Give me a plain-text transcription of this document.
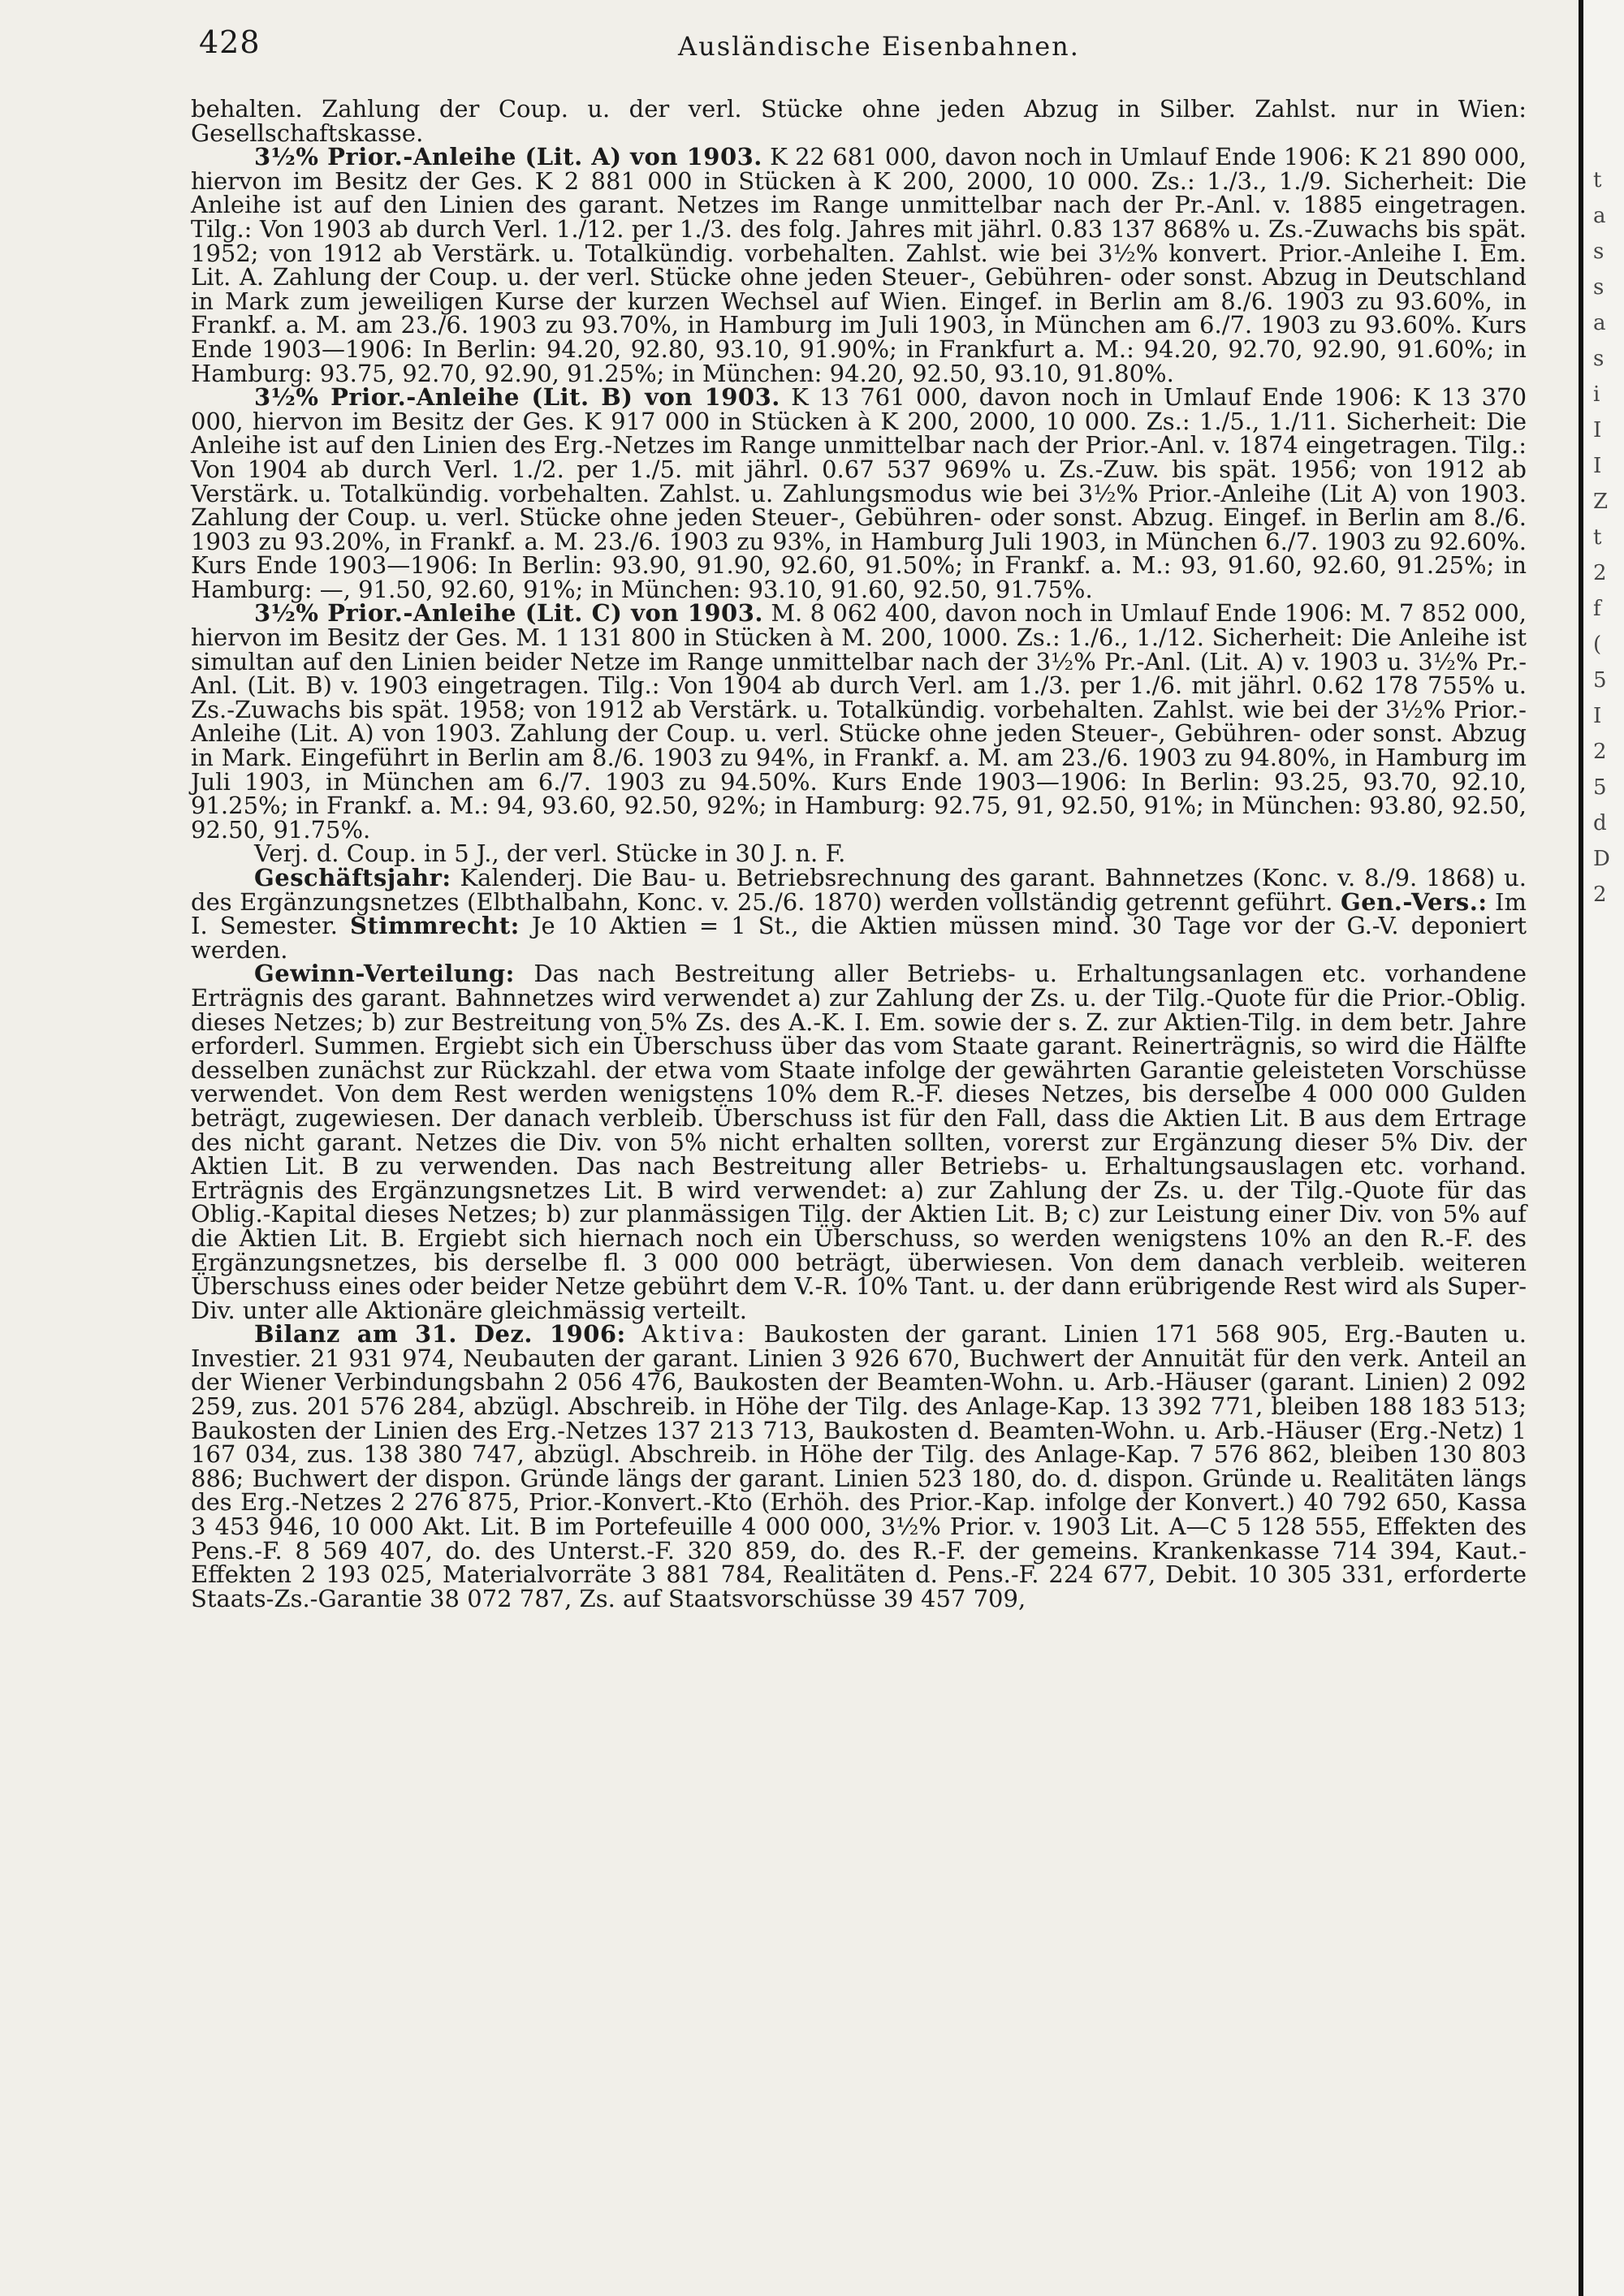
428	Ausländische Eisenbahnen.

behalten. Zahlung der Coup. u. der verl. Stücke ohne jeden Abzug in Silber. Zahlst. nur in Wien: Gesellschaftskasse.

3½% Prior.-Anleihe (Lit. A) von 1903. K 22 681 000, davon noch in Umlauf Ende 1906: K 21 890 000, hiervon im Besitz der Ges. K 2 881 000 in Stücken à K 200, 2000, 10 000. Zs.: 1./3., 1./9. Sicherheit: Die Anleihe ist auf den Linien des garant. Netzes im Range unmittelbar nach der Pr.-Anl. v. 1885 eingetragen. Tilg.: Von 1903 ab durch Verl. 1./12. per 1./3. des folg. Jahres mit jährl. 0.83 137 868% u. Zs.-Zuwachs bis spät. 1952; von 1912 ab Verstärk. u. Totalkündig. vorbehalten. Zahlst. wie bei 3½% konvert. Prior.-Anleihe I. Em. Lit. A. Zahlung der Coup. u. der verl. Stücke ohne jeden Steuer-, Gebühren- oder sonst. Abzug in Deutschland in Mark zum jeweiligen Kurse der kurzen Wechsel auf Wien. Eingef. in Berlin am 8./6. 1903 zu 93.60%, in Frankf. a. M. am 23./6. 1903 zu 93.70%, in Hamburg im Juli 1903, in München am 6./7. 1903 zu 93.60%. Kurs Ende 1903—1906: In Berlin: 94.20, 92.80, 93.10, 91.90%; in Frankfurt a. M.: 94.20, 92.70, 92.90, 91.60%; in Hamburg: 93.75, 92.70, 92.90, 91.25%; in München: 94.20, 92.50, 93.10, 91.80%.

3½% Prior.-Anleihe (Lit. B) von 1903. K 13 761 000, davon noch in Umlauf Ende 1906: K 13 370 000, hiervon im Besitz der Ges. K 917 000 in Stücken à K 200, 2000, 10 000. Zs.: 1./5., 1./11. Sicherheit: Die Anleihe ist auf den Linien des Erg.-Netzes im Range unmittelbar nach der Prior.-Anl. v. 1874 eingetragen. Tilg.: Von 1904 ab durch Verl. 1./2. per 1./5. mit jährl. 0.67 537 969% u. Zs.-Zuw. bis spät. 1956; von 1912 ab Verstärk. u. Totalkündig. vorbehalten. Zahlst. u. Zahlungsmodus wie bei 3½% Prior.-Anleihe (Lit A) von 1903. Zahlung der Coup. u. verl. Stücke ohne jeden Steuer-, Gebühren- oder sonst. Abzug. Eingef. in Berlin am 8./6. 1903 zu 93.20%, in Frankf. a. M. 23./6. 1903 zu 93%, in Hamburg Juli 1903, in München 6./7. 1903 zu 92.60%. Kurs Ende 1903—1906: In Berlin: 93.90, 91.90, 92.60, 91.50%; in Frankf. a. M.: 93, 91.60, 92.60, 91.25%; in Hamburg: —, 91.50, 92.60, 91%; in München: 93.10, 91.60, 92.50, 91.75%.

3½% Prior.-Anleihe (Lit. C) von 1903. M. 8 062 400, davon noch in Umlauf Ende 1906: M. 7 852 000, hiervon im Besitz der Ges. M. 1 131 800 in Stücken à M. 200, 1000. Zs.: 1./6., 1./12. Sicherheit: Die Anleihe ist simultan auf den Linien beider Netze im Range unmittelbar nach der 3½% Pr.-Anl. (Lit. A) v. 1903 u. 3½% Pr.-Anl. (Lit. B) v. 1903 eingetragen. Tilg.: Von 1904 ab durch Verl. am 1./3. per 1./6. mit jährl. 0.62 178 755% u. Zs.-Zuwachs bis spät. 1958; von 1912 ab Verstärk. u. Totalkündig. vorbehalten. Zahlst. wie bei der 3½% Prior.-Anleihe (Lit. A) von 1903. Zahlung der Coup. u. verl. Stücke ohne jeden Steuer-, Gebühren- oder sonst. Abzug in Mark. Eingeführt in Berlin am 8./6. 1903 zu 94%, in Frankf. a. M. am 23./6. 1903 zu 94.80%, in Hamburg im Juli 1903, in München am 6./7. 1903 zu 94.50%. Kurs Ende 1903—1906: In Berlin: 93.25, 93.70, 92.10, 91.25%; in Frankf. a. M.: 94, 93.60, 92.50, 92%; in Hamburg: 92.75, 91, 92.50, 91%; in München: 93.80, 92.50, 92.50, 91.75%.

Verj. d. Coup. in 5 J., der verl. Stücke in 30 J. n. F.

Geschäftsjahr: Kalenderj. Die Bau- u. Betriebsrechnung des garant. Bahnnetzes (Konc. v. 8./9. 1868) u. des Ergänzungsnetzes (Elbthalbahn, Konc. v. 25./6. 1870) werden vollständig getrennt geführt. Gen.-Vers.: Im I. Semester. Stimmrecht: Je 10 Aktien = 1 St., die Aktien müssen mind. 30 Tage vor der G.-V. deponiert werden.

Gewinn-Verteilung: Das nach Bestreitung aller Betriebs- u. Erhaltungsanlagen etc. vorhandene Erträgnis des garant. Bahnnetzes wird verwendet a) zur Zahlung der Zs. u. der Tilg.-Quote für die Prior.-Oblig. dieses Netzes; b) zur Bestreitung von 5% Zs. des A.-K. I. Em. sowie der s. Z. zur Aktien-Tilg. in dem betr. Jahre erforderl. Summen. Ergiebt sich ein Überschuss über das vom Staate garant. Reinerträgnis, so wird die Hälfte desselben zunächst zur Rückzahl. der etwa vom Staate infolge der gewährten Garantie geleisteten Vorschüsse verwendet. Von dem Rest werden wenigstens 10% dem R.-F. dieses Netzes, bis derselbe 4 000 000 Gulden beträgt, zugewiesen. Der danach verbleib. Überschuss ist für den Fall, dass die Aktien Lit. B aus dem Ertrage des nicht garant. Netzes die Div. von 5% nicht erhalten sollten, vorerst zur Ergänzung dieser 5% Div. der Aktien Lit. B zu verwenden. Das nach Bestreitung aller Betriebs- u. Erhaltungsauslagen etc. vorhand. Erträgnis des Ergänzungsnetzes Lit. B wird verwendet: a) zur Zahlung der Zs. u. der Tilg.-Quote für das Oblig.-Kapital dieses Netzes; b) zur planmässigen Tilg. der Aktien Lit. B; c) zur Leistung einer Div. von 5% auf die Aktien Lit. B. Ergiebt sich hiernach noch ein Überschuss, so werden wenigstens 10% an den R.-F. des Ergänzungsnetzes, bis derselbe fl. 3 000 000 beträgt, überwiesen. Von dem danach verbleib. weiteren Überschuss eines oder beider Netze gebührt dem V.-R. 10% Tant. u. der dann erübrigende Rest wird als Super-Div. unter alle Aktionäre gleichmässig verteilt.

Bilanz am 31. Dez. 1906: Aktiva: Baukosten der garant. Linien 171 568 905, Erg.-Bauten u. Investier. 21 931 974, Neubauten der garant. Linien 3 926 670, Buchwert der Annuität für den verk. Anteil an der Wiener Verbindungsbahn 2 056 476, Baukosten der Beamten-Wohn. u. Arb.-Häuser (garant. Linien) 2 092 259, zus. 201 576 284, abzügl. Abschreib. in Höhe der Tilg. des Anlage-Kap. 13 392 771, bleiben 188 183 513; Baukosten der Linien des Erg.-Netzes 137 213 713, Baukosten d. Beamten-Wohn. u. Arb.-Häuser (Erg.-Netz) 1 167 034, zus. 138 380 747, abzügl. Abschreib. in Höhe der Tilg. des Anlage-Kap. 7 576 862, bleiben 130 803 886; Buchwert der dispon. Gründe längs der garant. Linien 523 180, do. d. dispon. Gründe u. Realitäten längs des Erg.-Netzes 2 276 875, Prior.-Konvert.-Kto (Erhöh. des Prior.-Kap. infolge der Konvert.) 40 792 650, Kassa 3 453 946, 10 000 Akt. Lit. B im Portefeuille 4 000 000, 3½% Prior. v. 1903 Lit. A—C 5 128 555, Effekten des Pens.-F. 8 569 407, do. des Unterst.-F. 320 859, do. des R.-F. der gemeins. Krankenkasse 714 394, Kaut.-Effekten 2 193 025, Materialvorräte 3 881 784, Realitäten d. Pens.-F. 224 677, Debit. 10 305 331, erforderte Staats-Zs.-Garantie 38 072 787, Zs. auf Staatsvorschüsse 39 457 709,

t
a
s
s
a
s
i
I
I
Z
t
2
f
(
5
I
2
5
d
D
2
